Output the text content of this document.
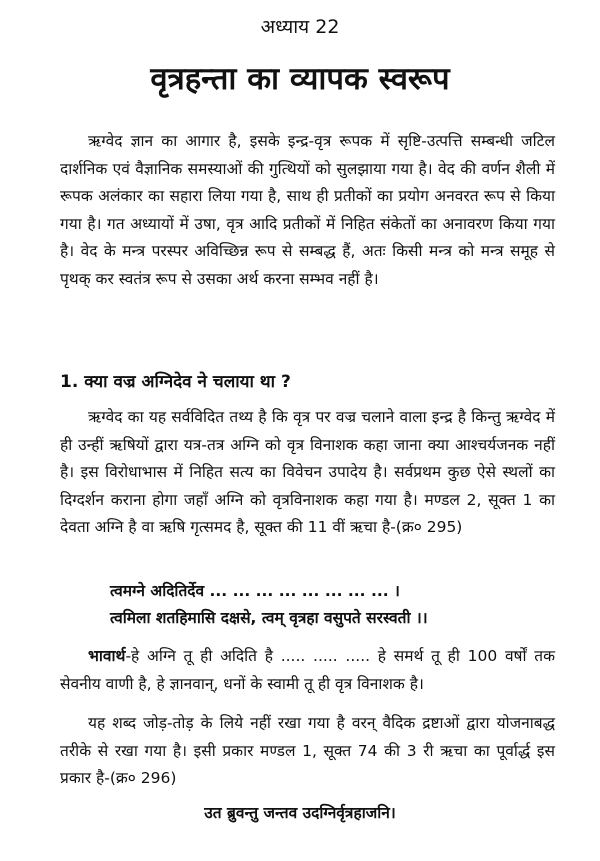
अध्याय 22
वृत्रहन्ता का व्यापक स्वरूप

ऋग्वेद ज्ञान का आगार है, इसके इन्द्र-वृत्र रूपक में सृष्टि-उत्पत्ति सम्बन्धी जटिल दार्शनिक एवं वैज्ञानिक समस्याओं की गुत्थियों को सुलझाया गया है। वेद की वर्णन शैली में रूपक अलंकार का सहारा लिया गया है, साथ ही प्रतीकों का प्रयोग अनवरत रूप से किया गया है। गत अध्यायों में उषा, वृत्र आदि प्रतीकों में निहित संकेतों का अनावरण किया गया है। वेद के मन्त्र परस्पर अविच्छिन्न रूप से सम्बद्ध हैं, अतः किसी मन्त्र को मन्त्र समूह से पृथक् कर स्वतंत्र रूप से उसका अर्थ करना सम्भव नहीं है।

1. क्या वज्र अग्निदेव ने चलाया था ?

ऋग्वेद का यह सर्वविदित तथ्य है कि वृत्र पर वज्र चलाने वाला इन्द्र है किन्तु ऋग्वेद में ही उन्हीं ऋषियों द्वारा यत्र-तत्र अग्नि को वृत्र विनाशक कहा जाना क्या आश्चर्यजनक नहीं है। इस विरोधाभास में निहित सत्य का विवेचन उपादेय है। सर्वप्रथम कुछ ऐसे स्थलों का दिग्दर्शन कराना होगा जहाँ अग्नि को वृत्रविनाशक कहा गया है। मण्डल 2, सूक्त 1 का देवता अग्नि है वा ऋषि गृत्समद है, सूक्त की 11 वीं ऋचा है-(क्र० 295)

त्वमग्ने अदितिर्देव ... ... ... ... ... ... ... ... ।

त्वमिला शतहिमासि दक्षसे, त्वम् वृत्रहा वसुपते सरस्वती ।।

भावार्थ-हे अग्नि तू ही अदिति है ..... ..... ..... हे समर्थ तू ही 100 वर्षों तक सेवनीय वाणी है, हे ज्ञानवान्, धनों के स्वामी तू ही वृत्र विनाशक है।

यह शब्द जोड़-तोड़ के लिये नहीं रखा गया है वरन् वैदिक द्रष्टाओं द्वारा योजनाबद्ध तरीके से रखा गया है। इसी प्रकार मण्डल 1, सूक्त 74 की 3 री ऋचा का पूर्वार्द्ध इस प्रकार है-(क्र० 296)

उत ब्रुवन्तु जन्तव उदग्निर्वृत्रहाजनि।
